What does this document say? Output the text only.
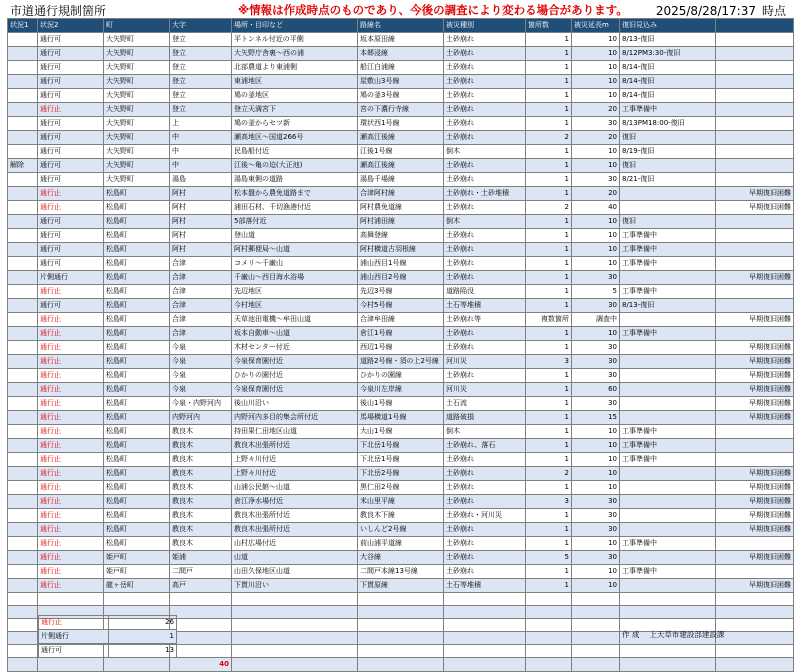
市道通行規制箇所	※情報は作成時点のものであり、今後の調査により変わる場合があります。 2025/8/28/17:37 時点
状況1	状況2	町	大字	場所・目印など	路線名	被災種別	箇所数	被災延長m	復旧見込み	
	通行可	大矢野町	登立	平トンネル付近の平側	坂本原田線	土砂崩れ	1	10	8/13-復旧	
	通行可	大矢野町	登立	大矢野庁舎裏～西の浦	本郷浸線	土砂崩れ	1	10	8/12PM3:30-復旧	
	通行可	大矢野町	登立	北部農道より東浦側	船江白浦線	土砂崩れ	1	10	8/14-復旧	
	通行可	大矢野町	登立	東浦地区	屋敷山3号線	土砂崩れ	1	10	8/14-復旧	
	通行可	大矢野町	登立	鳩の釜地区	鳩の釜3号線	土砂崩れ	1	10	8/14-復旧	
	通行止	大矢野町	登立	登立天満宮下	宮の下濃行寺線	土砂崩れ	1	20	工事準備中	
	通行可	大矢野町	上	鳩の釜からセツ新	環状西1号線	土砂崩れ	1	30	8/13PM18:00-復旧	
	通行可	大矢野町	中	瀬高地区～国道266号	瀬高江後線	土砂崩れ	2	20	復旧	
	通行可	大矢野町	中	民島船付近	江後1号線	倒木	1	10	8/19-復旧	
解除	通行可	大矢野町	中	江後～亀の迫(大正池)	瀬高江後線	土砂崩れ	1	10	復旧	
	通行可	大矢野町	湯島	湯島東側の道路	湯島千場線	土砂崩れ	1	30	8/21-復旧	
	通行止	松島町	阿村	松本盤から農免道路まで	合津阿村線	土砂崩れ・土砂堆積	1	20		早期復旧困難
	通行止	松島町	阿村	浦田石材、千切漁港付近	阿村農免道線	土砂崩れ	2	40		早期復旧困難
	通行可	松島町	阿村	5部落付近	阿村浦田線	倒木	1	10	復旧	
	通行可	松島町	阿村	登山道	高舞登線	土砂崩れ	1	10	工事準備中	
	通行可	松島町	阿村	阿村郵便局～山道	阿村横道古羽根線	土砂崩れ	1	10	工事準備中	
	通行可	松島町	合津	コメリ～千巌山	浦山西目1号線	土砂崩れ	1	10	工事準備中	
	片側通行	松島町	合津	千巌山～西目海水浴場	浦山西目2号線	土砂崩れ	1	30		早期復旧困難
	通行止	松島町	合津	先辺地区	先辺3号線	道路陥没	1	5	工事準備中	
	通行可	松島町	合津	今村地区	今村5号線	土石等堆積	1	30	8/13-復旧	
	通行止	松島町	合津	天草池田電機～牟田山道	合津牟田線	土砂崩れ等	複数箇所	調査中		早期復旧困難
	通行止	松島町	合津	坂本自動車～山道	倉江1号線	土砂崩れ	1	10	工事準備中	
	通行止	松島町	今泉	木材センター付近	西辺1号線	土砂崩れ	1	30		早期復旧困難
	通行止	松島町	今泉	今泉保育園付近	道路2号線・須の上2号線	河川災	3	30		早期復旧困難
	通行止	松島町	今泉	ひかりの園付近	ひかりの園線	土砂崩れ	1	30		早期復旧困難
	通行止	松島町	今泉	今泉保育園付近	今泉川左岸線	河川災	1	60		早期復旧困難
	通行止	松島町	今泉・内野河内	後山川沿い	後山1号線	土石流	1	30		早期復旧困難
	通行止	松島町	内野河内	内野河内多目的集会所付近	馬場横道1号線	道路破損	1	15		早期復旧困難
	通行止	松島町	教良木	持田果仁田地区山道	大山1号線	倒木	1	10	工事準備中	
	通行止	松島町	教良木	教良木出張所付近	下北岳1号線	土砂崩れ、落石	1	10	工事準備中	
	通行止	松島町	教良木	上野々川付近	下北岳1号線	土砂崩れ	1	10	工事準備中	
	通行止	松島町	教良木	上野々川付近	下北岳2号線	土砂崩れ	2	10		早期復旧困難
	通行止	松島町	教良木	山浦公民館～山道	黒仁田2号線	土砂崩れ	1	10		早期復旧困難
	通行止	松島町	教良木	倉江浄水場付近	米山里平線	土砂崩れ	3	30		早期復旧困難
	通行止	松島町	教良木	教良木出張所付近	教良木下線	土砂崩れ・河川災	1	30		早期復旧困難
	通行止	松島町	教良木	教良木出張所付近	いしんど2号線	土砂崩れ	1	30		早期復旧困難
	通行止	松島町	教良木	山村広場付近	前山浦平道線	土砂崩れ	1	10	工事準備中	
	通行止	姫戸町	姫浦	山道	大谷線	土砂崩れ	5	30		早期復旧困難
	通行止	姫戸町	二間戸	山田久保地区山道	二間戸本線13号線	土砂崩れ	1	10	工事準備中	
	通行止	龍ヶ岳町	高戸	下貫川沿い	下貫原線	土石等堆積	1	10		早期復旧困難

			40							
通行止	26
片側通行	1
通行可	13
作 成 上天草市建設部建設課
